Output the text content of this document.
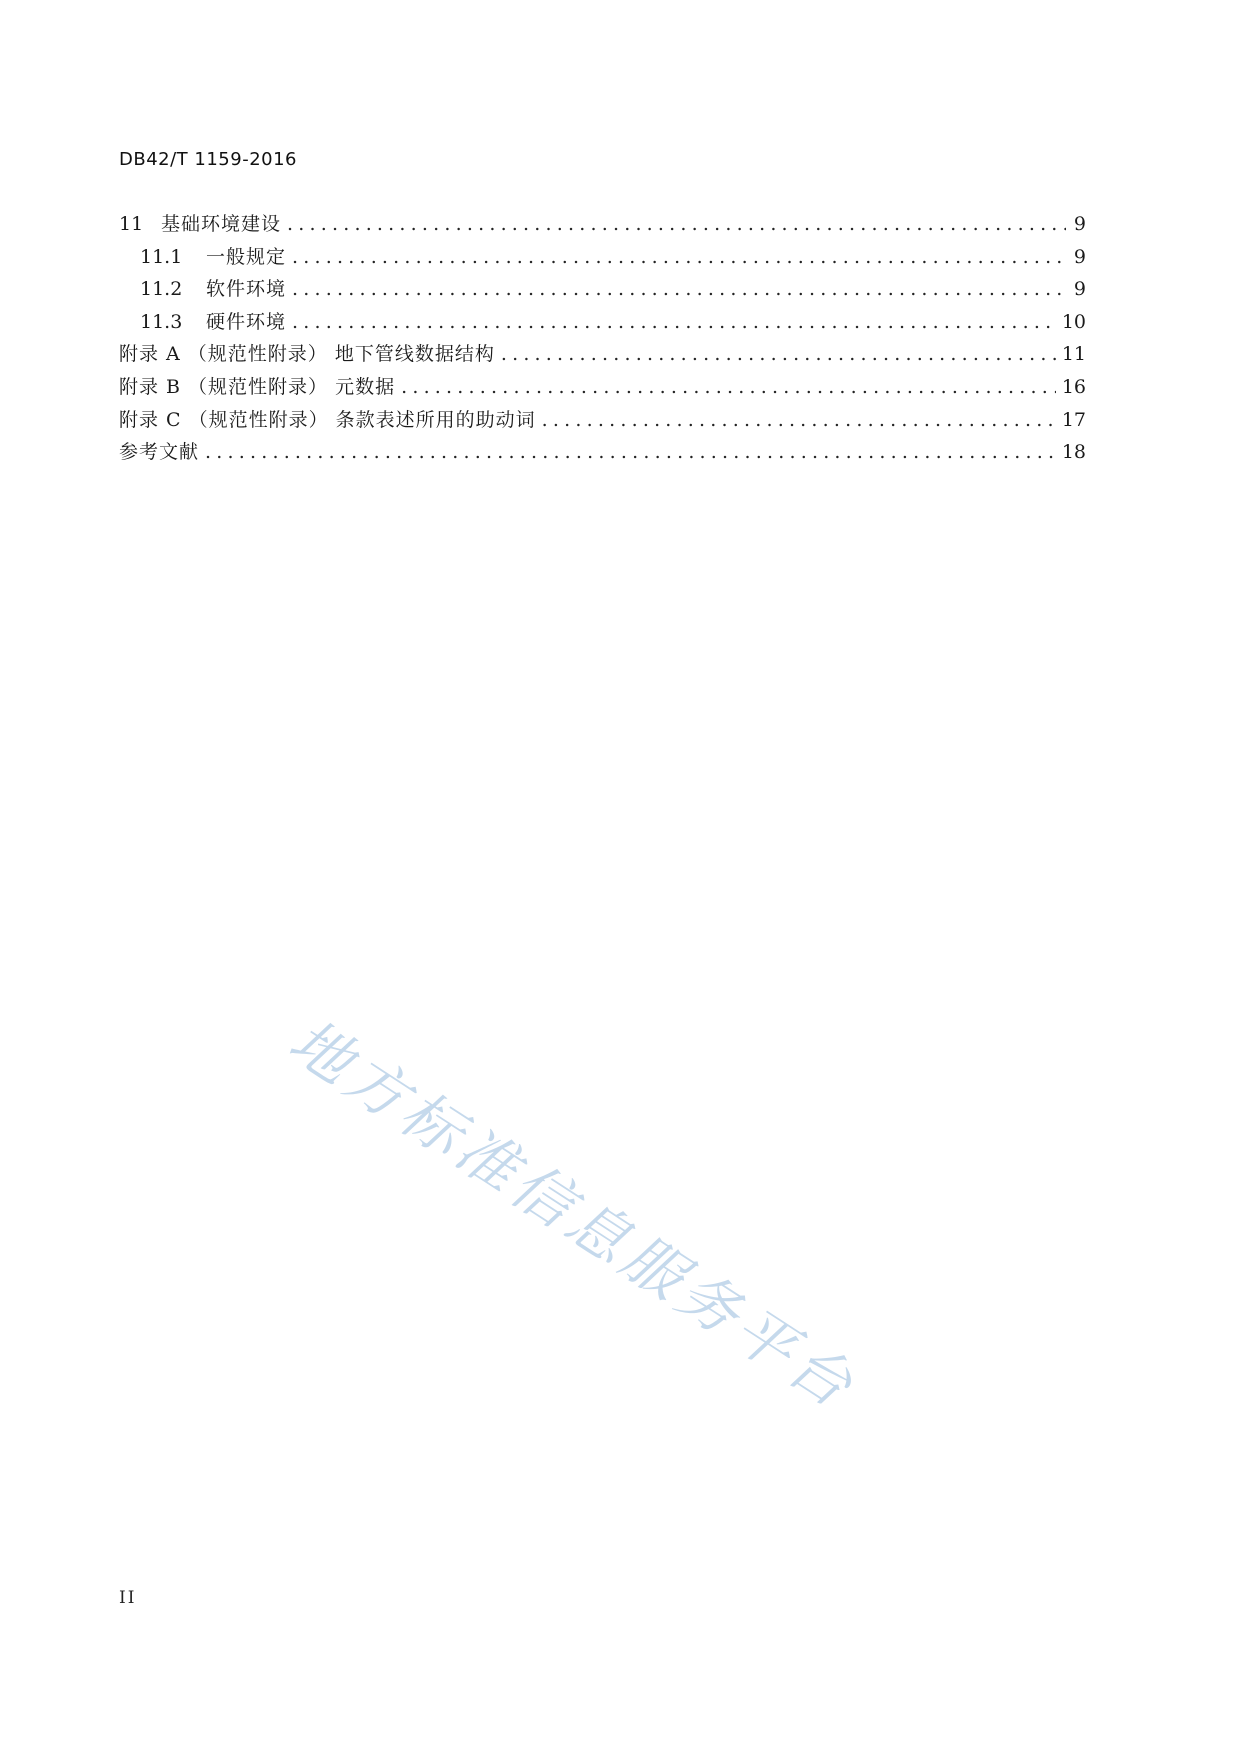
DB42/T 1159-2016
11 基础环境建设 .....	9
11.1	一般规定 .....	9
11.2	软件环境 .....	9
11.3	硬件环境 .....	10
附录 A （规范性附录） 地下管线数据结构 .....	11
附录 B （规范性附录） 元数据 .....	16
附录 C （规范性附录） 条款表述所用的助动词 .....	17
参考文献 .....	18
地方标准信息服务平台
II
